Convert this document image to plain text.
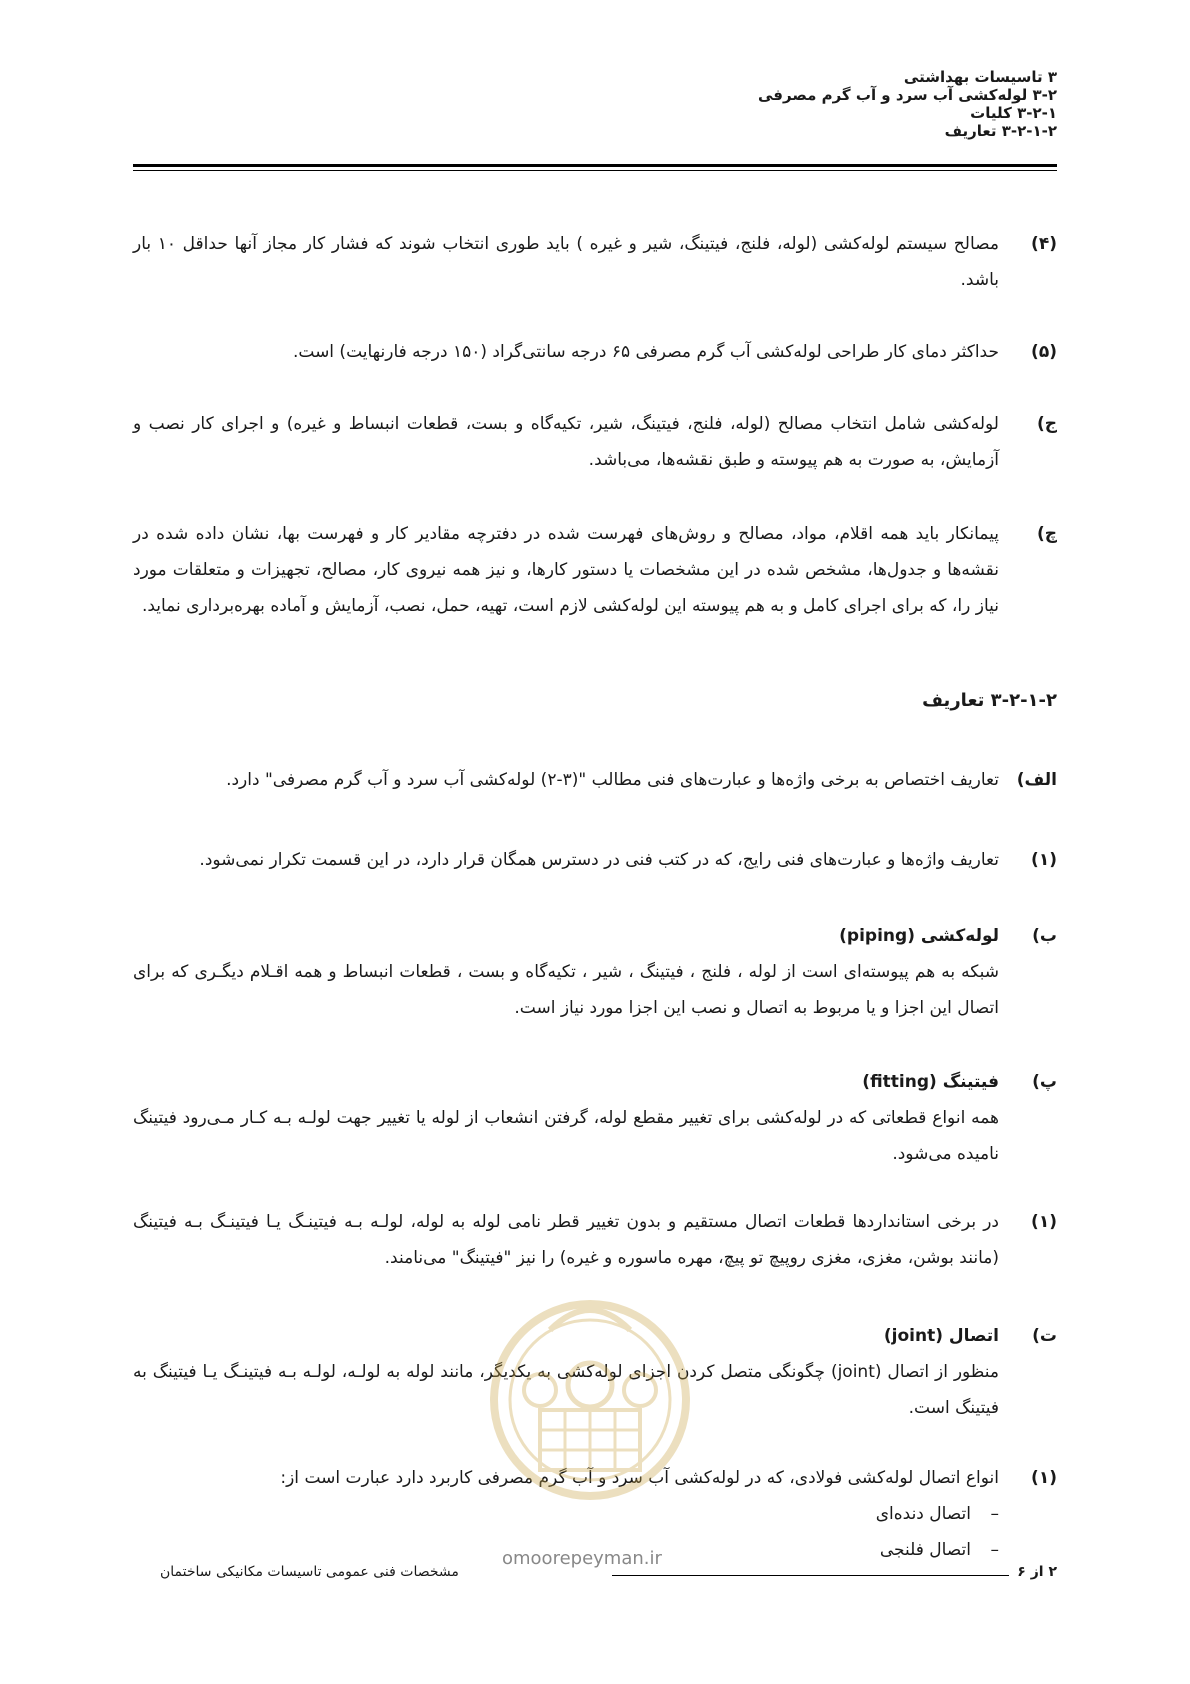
۳ تاسیسات بهداشتی
۳-۲ لوله‌کشی آب سرد و آب گرم مصرفی
۳-۲-۱ کلیات
۳-۲-۱-۲ تعاریف
(۴)
مصالح سیستم لوله‌کشی (لوله، فلنج، فیتینگ، شیر و غیره ) باید طوری انتخاب شوند که فشار کار مجاز آنها حداقل ۱۰ بار باشد.
(۵)
حداکثر دمای کار طراحی لوله‌کشی آب گرم مصرفی ۶۵ درجه سانتی‌گراد (۱۵۰ درجه فارنهایت) است.
ج)
لوله‌کشی شامل انتخاب مصالح (لوله، فلنج، فیتینگ، شیر، تکیه‌گاه و بست، قطعات انبساط و غیره) و اجرای کار نصب و آزمایش، به صورت به هم پیوسته و طبق نقشه‌ها، می‌باشد.
چ)
پیمانکار باید همه اقلام، مواد، مصالح و روش‌های فهرست شده در دفترچه مقادیر کار و فهرست بها، نشان داده شده در نقشه‌ها و جدول‌ها، مشخص شده در این مشخصات یا دستور کارها، و نیز همه نیروی کار، مصالح، تجهیزات و متعلقات مورد نیاز را، که برای اجرای کامل و به هم پیوسته این لوله‌کشی لازم است، تهیه، حمل، نصب، آزمایش و آماده بهره‌برداری نماید.
۳-۲-۱-۲ تعاریف
الف)
تعاریف اختصاص به برخی واژه‌ها و عبارت‌های فنی مطالب "(۳-۲) لوله‌کشی آب سرد و آب گرم مصرفی" دارد.
(۱)
تعاریف واژه‌ها و عبارت‌های فنی رایج، که در کتب فنی در دسترس همگان قرار دارد، در این قسمت تکرار نمی‌شود.
ب)
لوله‌کشی (piping)
شبکه به هم پیوسته‌ای است از لوله ، فلنج ، فیتینگ ، شیر ، تکیه‌گاه و بست ، قطعات انبساط و همه اقـلام دیگـری که برای اتصال این اجزا و یا مربوط به اتصال و نصب این اجزا مورد نیاز است.
پ)
فیتینگ (fitting)
همه انواع قطعاتی که در لوله‌کشی برای تغییر مقطع لوله، گرفتن انشعاب از لوله یا تغییر جهت لولـه بـه کـار مـی‌رود فیتینگ نامیده می‌شود.
(۱)
در برخی استانداردها قطعات اتصال مستقیم و بدون تغییر قطر نامی لوله به لوله، لولـه بـه فیتینـگ یـا فیتینـگ بـه فیتینگ (مانند بوشن، مغزی، مغزی روپیچ تو پیچ، مهره ماسوره و غیره) را نیز "فیتینگ" می‌نامند.
ت)
اتصال (joint)
منظور از اتصال (joint) چگونگی متصل کردن اجزای لوله‌کشی به یکدیگر، مانند لوله به لولـه، لولـه بـه فیتینـگ یـا فیتینگ به فیتینگ است.
(۱)
انواع اتصال لوله‌کشی فولادی، که در لوله‌کشی آب سرد و آب گرم مصرفی کاربرد دارد عبارت است از:
–اتصال دنده‌ای
–اتصال فلنجی
omoorepeyman.ir
۲ از ۶
مشخصات فنی عمومی تاسیسات مکانیکی ساختمان
